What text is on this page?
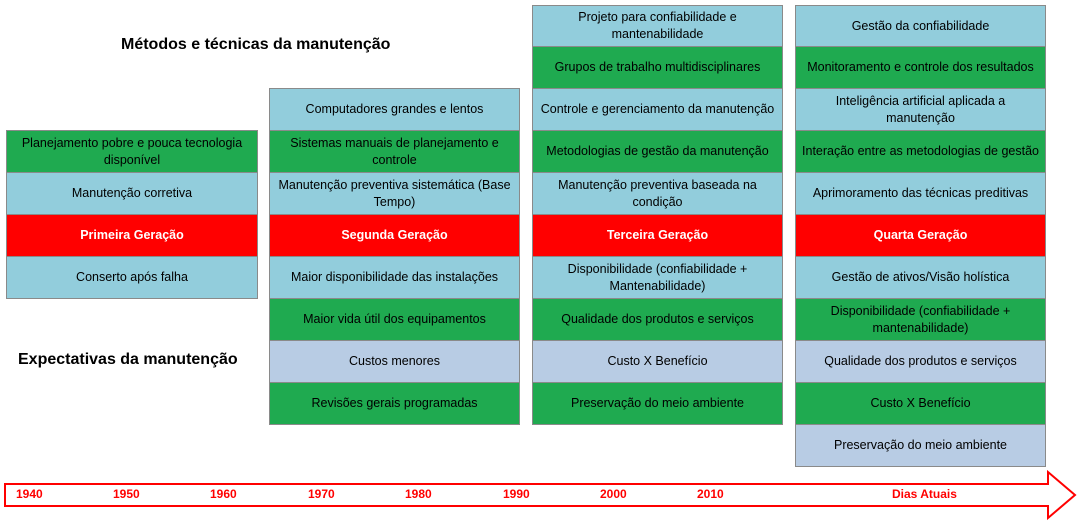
Métodos e técnicas da manutenção
Expectativas da manutenção
Planejamento pobre e pouca tecnologia disponível
Manutenção corretiva
Primeira Geração
Conserto após falha
Computadores grandes e lentos
Sistemas manuais de planejamento e controle
Manutenção preventiva sistemática (Base Tempo)
Segunda Geração
Maior disponibilidade das instalações
Maior vida útil dos equipamentos
Custos menores
Revisões gerais programadas
Projeto para confiabilidade e mantenabilidade
Grupos de trabalho multidisciplinares
Controle e gerenciamento da manutenção
Metodologias de gestão da manutenção
Manutenção preventiva baseada na condição
Terceira Geração
Disponibilidade (confiabilidade + Mantenabilidade)
Qualidade dos produtos e serviços
Custo X Benefício
Preservação do meio ambiente
Gestão da confiabilidade
Monitoramento e controle dos resultados
Inteligência artificial aplicada a manutenção
Interação entre as metodologias de gestão
Aprimoramento das técnicas preditivas
Quarta Geração
Gestão de ativos/Visão holística
Disponibilidade (confiabilidade + mantenabilidade)
Qualidade dos produtos e serviços
Custo X Benefício
Preservação do meio ambiente
1940	1950	1960	1970	1980	1990	2000	2010	Dias Atuais
